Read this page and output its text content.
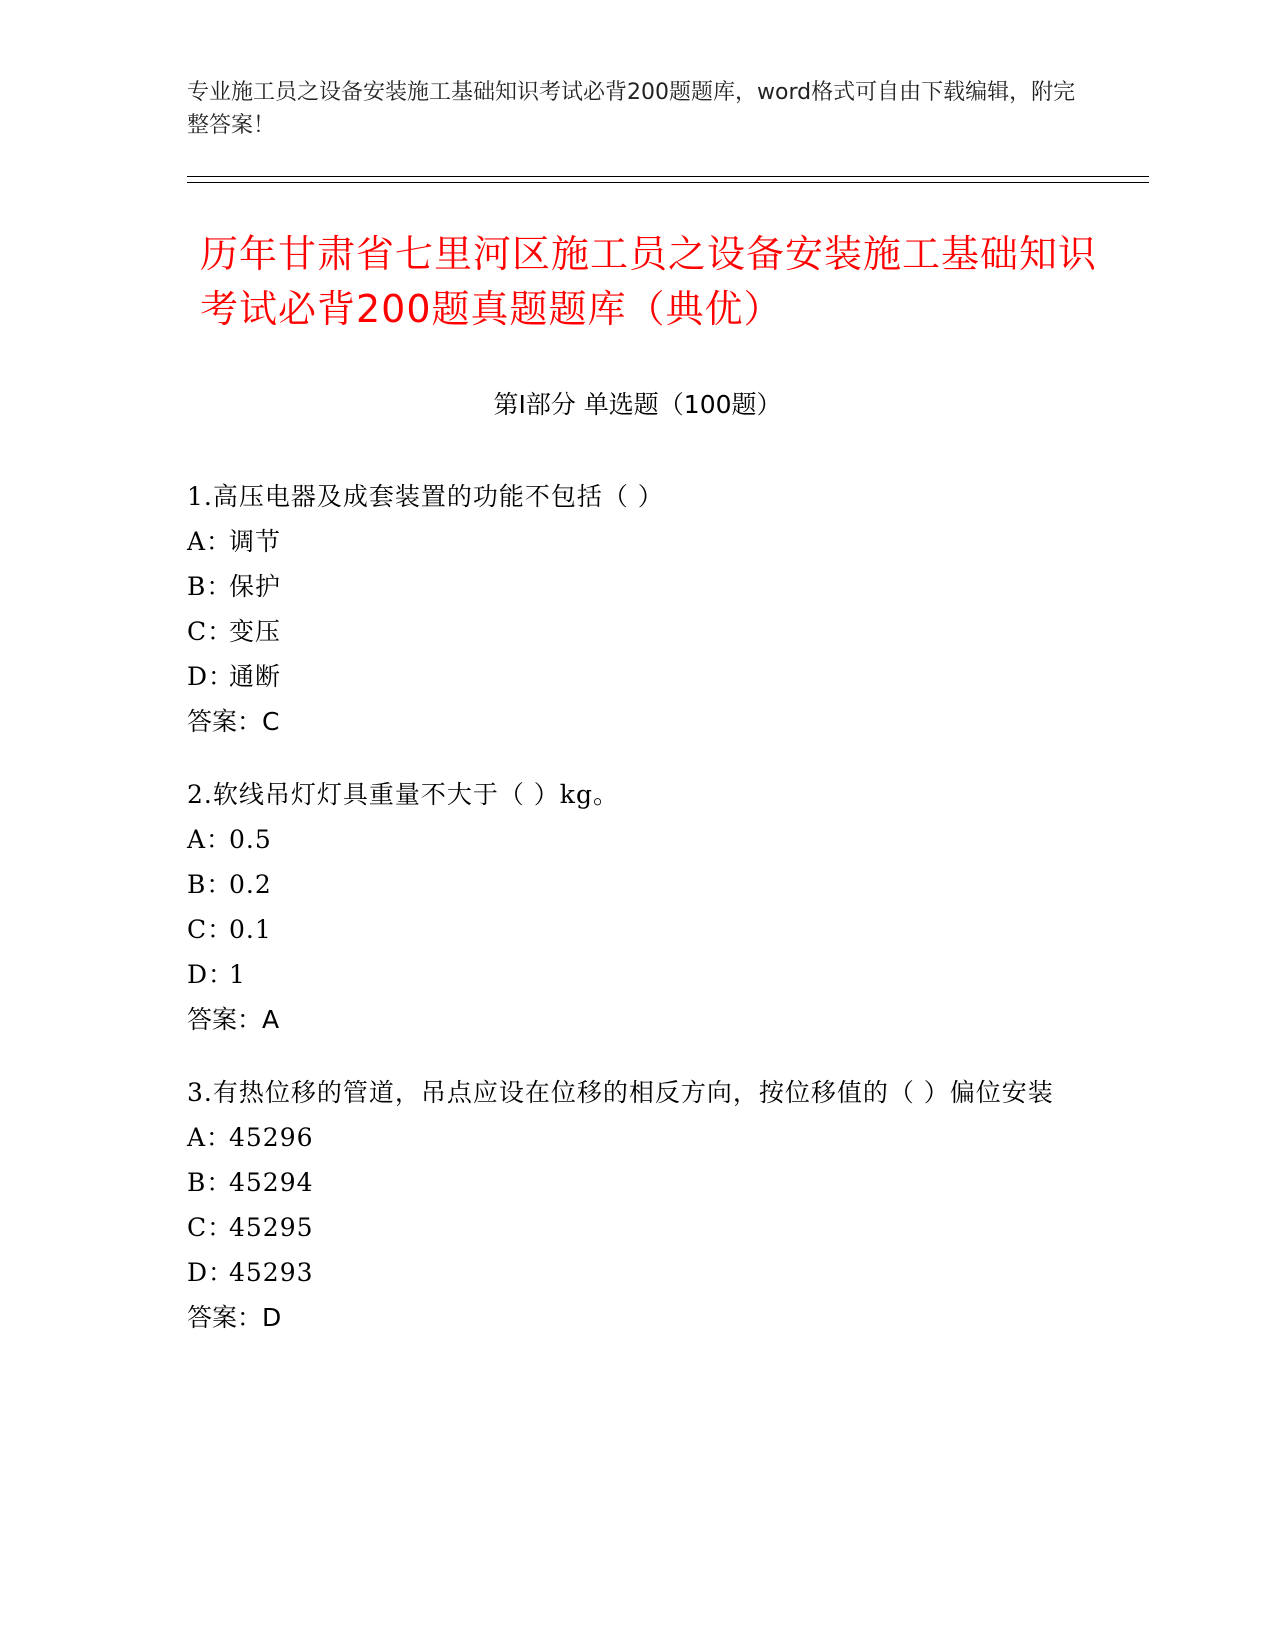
专业施工员之设备安装施工基础知识考试必背200题题库，word格式可自由下载编辑，附完整答案！
历年甘肃省七里河区施工员之设备安装施工基础知识考试必背200题真题题库（典优）
第Ⅰ部分 单选题（100题）
1.高压电器及成套装置的功能不包括（ ）
A：调节
B：保护
C：变压
D：通断
答案：C
2.软线吊灯灯具重量不大于（ ）kg。
A：0.5
B：0.2
C：0.1
D：1
答案：A
3.有热位移的管道，吊点应设在位移的相反方向，按位移值的（ ）偏位安装
A：45296
B：45294
C：45295
D：45293
答案：D
